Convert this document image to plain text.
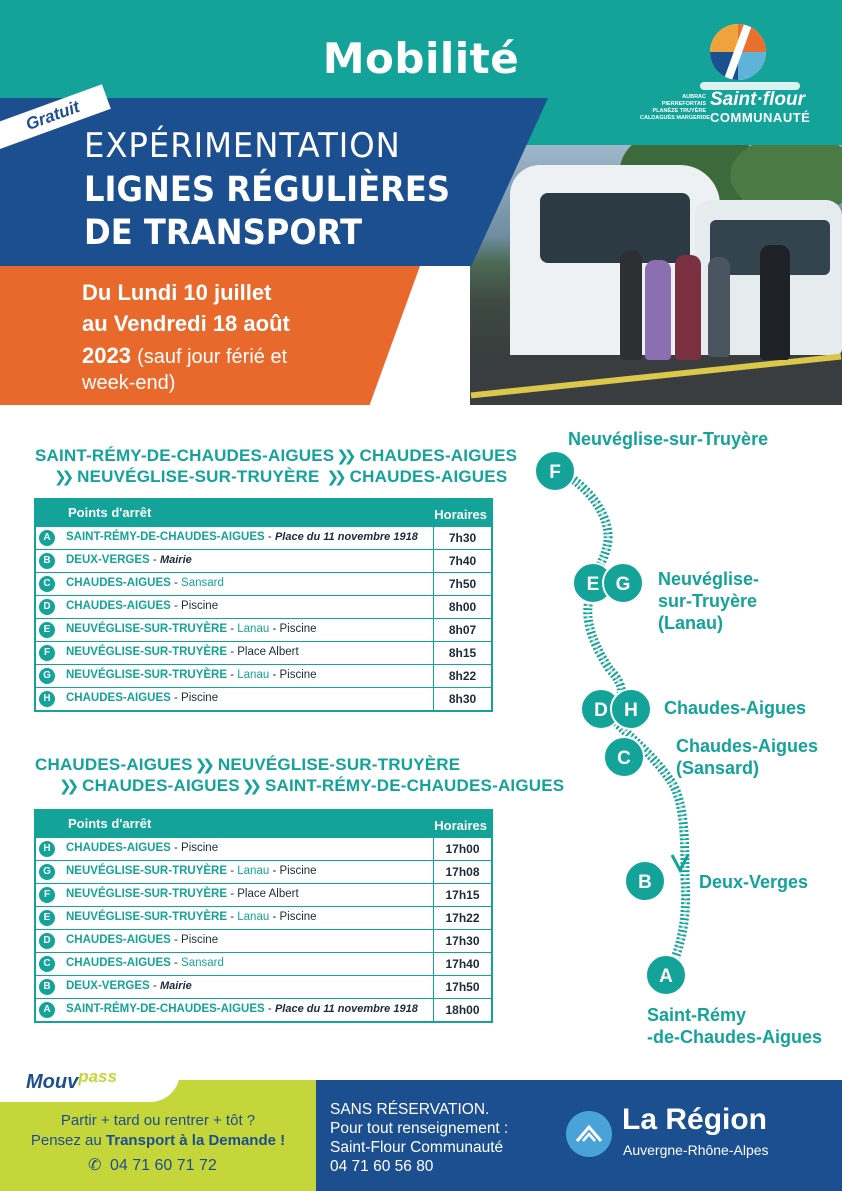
Mobilité
Gratuit
EXPÉRIMENTATION
LIGNES RÉGULIÈRES
DE TRANSPORT
Du Lundi 10 juillet
au Vendredi 18 août
2023 (sauf jour férié et
week-end)
AUBRAC
PIERREFORTAIS
PLANÈZE TRUYÈRE
CALDAGUÈS MARGERIDE
Saint·flour
COMMUNAUTÉ
SAINT-RÉMY-DE-CHAUDES-AIGUES ❯❯ CHAUDES-AIGUES
❯❯ NEUVÉGLISE-SUR-TRUYÈRE ❯❯ CHAUDES-AIGUES
Points d'arrêt	Horaires
A	SAINT-RÉMY-DE-CHAUDES-AIGUES - Place du 11 novembre 1918	7h30
B	DEUX-VERGES - Mairie	7h40
C	CHAUDES-AIGUES - Sansard	7h50
D	CHAUDES-AIGUES - Piscine	8h00
E	NEUVÉGLISE-SUR-TRUYÈRE - Lanau - Piscine	8h07
F	NEUVÉGLISE-SUR-TRUYÈRE - Place Albert	8h15
G	NEUVÉGLISE-SUR-TRUYÈRE - Lanau - Piscine	8h22
H	CHAUDES-AIGUES - Piscine	8h30
CHAUDES-AIGUES ❯❯ NEUVÉGLISE-SUR-TRUYÈRE
❯❯ CHAUDES-AIGUES ❯❯ SAINT-RÉMY-DE-CHAUDES-AIGUES
Points d'arrêt	Horaires
H	CHAUDES-AIGUES - Piscine	17h00
G	NEUVÉGLISE-SUR-TRUYÈRE - Lanau - Piscine	17h08
F	NEUVÉGLISE-SUR-TRUYÈRE - Place Albert	17h15
E	NEUVÉGLISE-SUR-TRUYÈRE - Lanau - Piscine	17h22
D	CHAUDES-AIGUES - Piscine	17h30
C	CHAUDES-AIGUES - Sansard	17h40
B	DEUX-VERGES - Mairie	17h50
A	SAINT-RÉMY-DE-CHAUDES-AIGUES - Place du 11 novembre 1918	18h00
F
E G
D H
C
B
A
Neuvéglise-sur-Truyère
Neuvéglise-
sur-Truyère
(Lanau)
Chaudes-Aigues
Chaudes-Aigues
(Sansard)
Deux-Verges
Saint-Rémy
-de-Chaudes-Aigues
Partir + tard ou rentrer + tôt ?
Pensez au Transport à la Demande !
✆ 04 71 60 71 72
Mouv$^{pass}$
SANS RÉSERVATION.
Pour tout renseignement :
Saint-Flour Communauté
04 71 60 56 80
La Région
Auvergne-Rhône-Alpes
